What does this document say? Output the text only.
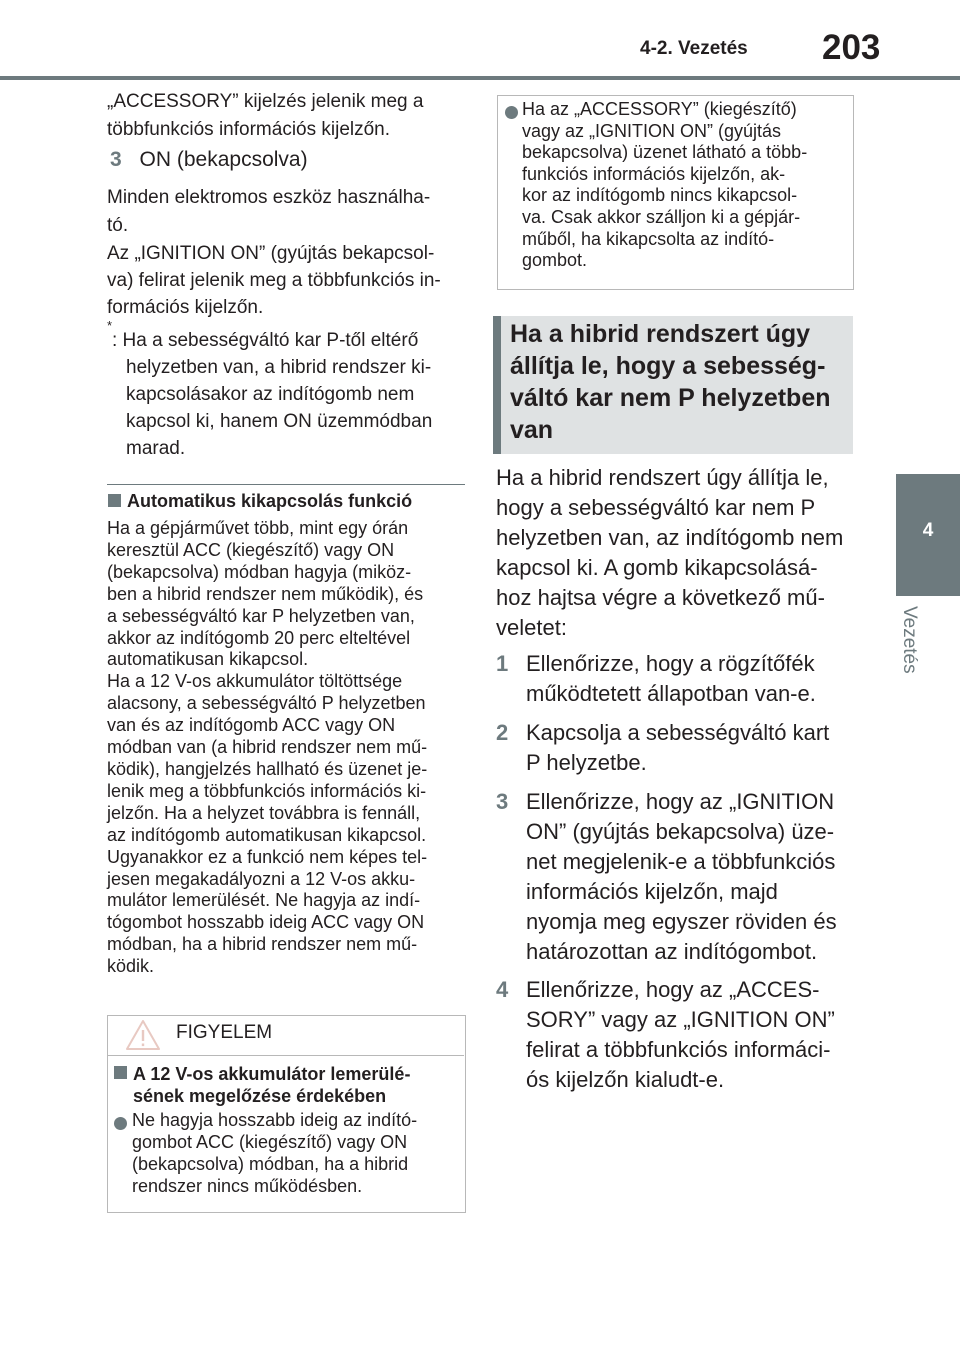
4-2. Vezetés 203
4
Vezetés
„ACCESSORY” kijelzés jelenik meg a
többfunkciós információs kijelzőn.
3 ON (bekapcsolva)
Minden elektromos eszköz használha-
tó.
Az „IGNITION ON” (gyújtás bekapcsol-
va) felirat jelenik meg a többfunkciós in-
formációs kijelzőn.
*
: Ha a sebességváltó kar P-től eltérő
helyzetben van, a hibrid rendszer ki-
kapcsolásakor az indítógomb nem
kapcsol ki, hanem ON üzemmódban
marad.
Automatikus kikapcsolás funkció
Ha a gépjárművet több, mint egy órán
keresztül ACC (kiegészítő) vagy ON
(bekapcsolva) módban hagyja (miköz-
ben a hibrid rendszer nem működik), és
a sebességváltó kar P helyzetben van,
akkor az indítógomb 20 perc elteltével
automatikusan kikapcsol.
Ha a 12 V-os akkumulátor töltöttsége
alacsony, a sebességváltó P helyzetben
van és az indítógomb ACC vagy ON
módban van (a hibrid rendszer nem mű-
ködik), hangjelzés hallható és üzenet je-
lenik meg a többfunkciós információs ki-
jelzőn. Ha a helyzet továbbra is fennáll,
az indítógomb automatikusan kikapcsol.
Ugyanakkor ez a funkció nem képes tel-
jesen megakadályozni a 12 V-os akku-
mulátor lemerülését. Ne hagyja az indí-
tógombot hosszabb ideig ACC vagy ON
módban, ha a hibrid rendszer nem mű-
ködik.
FIGYELEM
A 12 V-os akkumulátor lemerülé-
sének megelőzése érdekében
Ne hagyja hosszabb ideig az indító-
gombot ACC (kiegészítő) vagy ON
(bekapcsolva) módban, ha a hibrid
rendszer nincs működésben.
Ha az „ACCESSORY” (kiegészítő)
vagy az „IGNITION ON” (gyújtás
bekapcsolva) üzenet látható a több-
funkciós információs kijelzőn, ak-
kor az indítógomb nincs kikapcsol-
va. Csak akkor szálljon ki a gépjár-
műből, ha kikapcsolta az indító-
gombot.
Ha a hibrid rendszert úgy
állítja le, hogy a sebesség-
váltó kar nem P helyzetben
van
Ha a hibrid rendszert úgy állítja le,
hogy a sebességváltó kar nem P
helyzetben van, az indítógomb nem
kapcsol ki. A gomb kikapcsolásá-
hoz hajtsa végre a következő mű-
veletet:
1 Ellenőrizze, hogy a rögzítőfék
működtetett állapotban van-e.
2 Kapcsolja a sebességváltó kart
P helyzetbe.
3 Ellenőrizze, hogy az „IGNITION
ON” (gyújtás bekapcsolva) üze-
net megjelenik-e a többfunkciós
információs kijelzőn, majd
nyomja meg egyszer röviden és
határozottan az indítógombot.
4 Ellenőrizze, hogy az „ACCES-
SORY” vagy az „IGNITION ON”
felirat a többfunkciós informáci-
ós kijelzőn kialudt-e.
